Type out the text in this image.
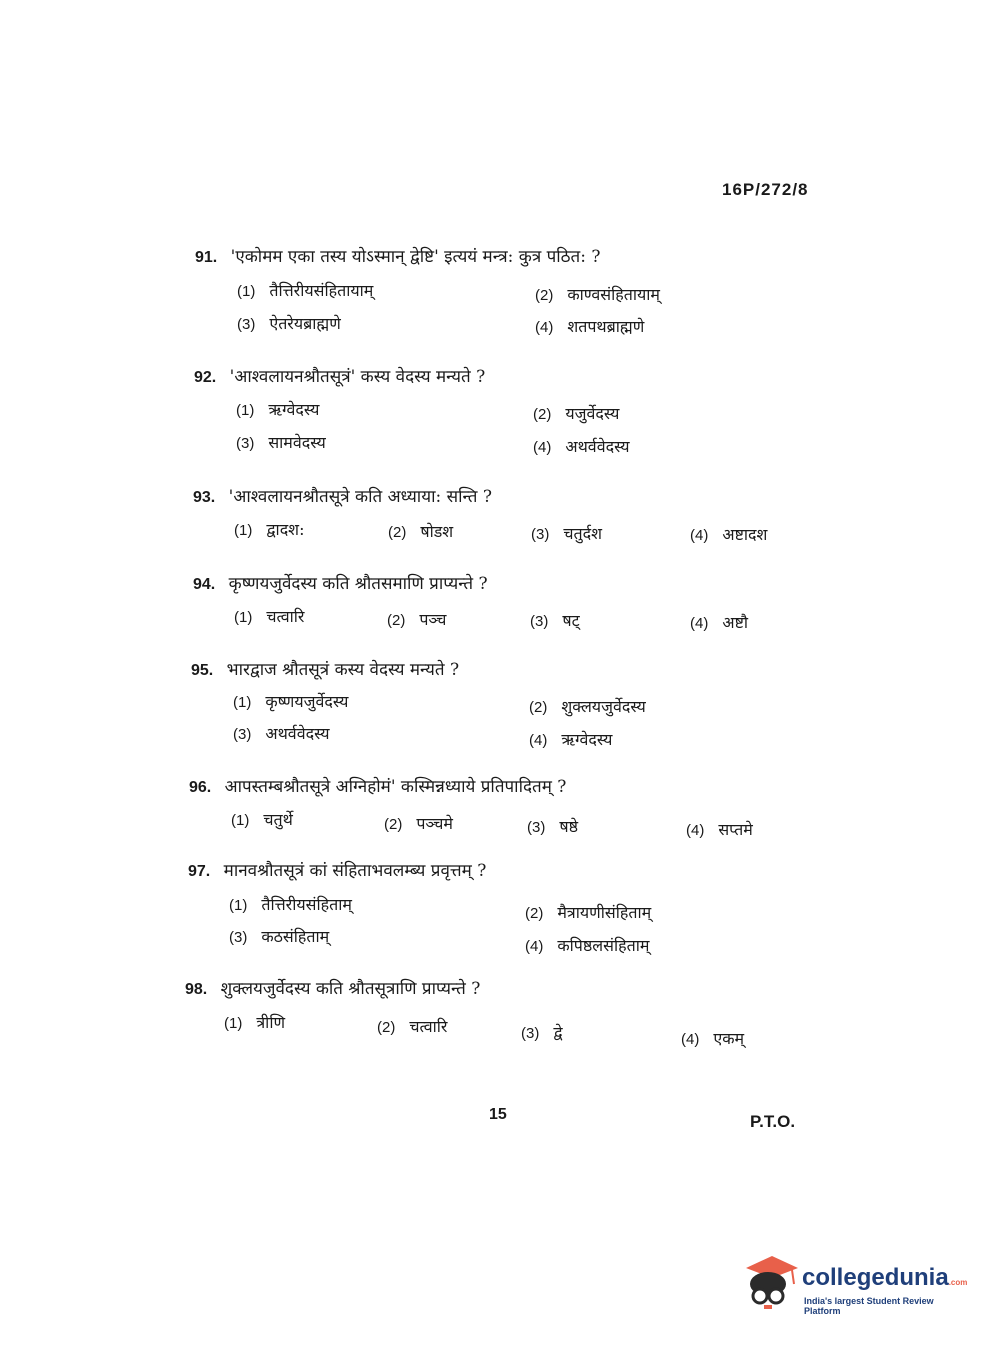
16P/272/8
91. 'एकोमम एका तस्य योऽस्मान् द्वेष्टि' इत्ययं मन्त्र: कुत्र पठित: ?
(1) तैत्तिरीयसंहितायाम्	(2) काण्वसंहितायाम्
(3) ऐतरेयब्राह्मणे	(4) शतपथब्राह्मणे
92. 'आश्वलायनश्रौतसूत्रं' कस्य वेदस्य मन्यते ?
(1) ऋग्वेदस्य	(2) यजुर्वेदस्य
(3) सामवेदस्य	(4) अथर्ववेदस्य
93. 'आश्वलायनश्रौतसूत्रे कति अध्याया: सन्ति ?
(1) द्वादश:	(2) षोडश	(3) चतुर्दश	(4) अष्टादश
94. कृष्णयजुर्वेदस्य कति श्रौतसमाणि प्राप्यन्ते ?
(1) चत्वारि	(2) पञ्च	(3) षट्	(4) अष्टौ
95. भारद्वाज श्रौतसूत्रं कस्य वेदस्य मन्यते ?
(1) कृष्णयजुर्वेदस्य	(2) शुक्लयजुर्वेदस्य
(3) अथर्ववेदस्य	(4) ऋग्वेदस्य
96. आपस्तम्बश्रौतसूत्रे अग्निहोमं' कस्मिन्नध्याये प्रतिपादितम् ?
(1) चतुर्थे	(2) पञ्चमे	(3) षष्ठे	(4) सप्तमे
97. मानवश्रौतसूत्रं कां संहिताभवलम्ब्य प्रवृत्तम् ?
(1) तैत्तिरीयसंहिताम्	(2) मैत्रायणीसंहिताम्
(3) कठसंहिताम्
(4) कपिष्ठलसंहिताम्
98. शुक्लयजुर्वेदस्य कति श्रौतसूत्राणि प्राप्यन्ते ?
(1) त्रीणि	(2) चत्वारि	(3) द्वे	(4) एकम्
15	P.T.O.
collegedunia.com
India's largest Student Review Platform
